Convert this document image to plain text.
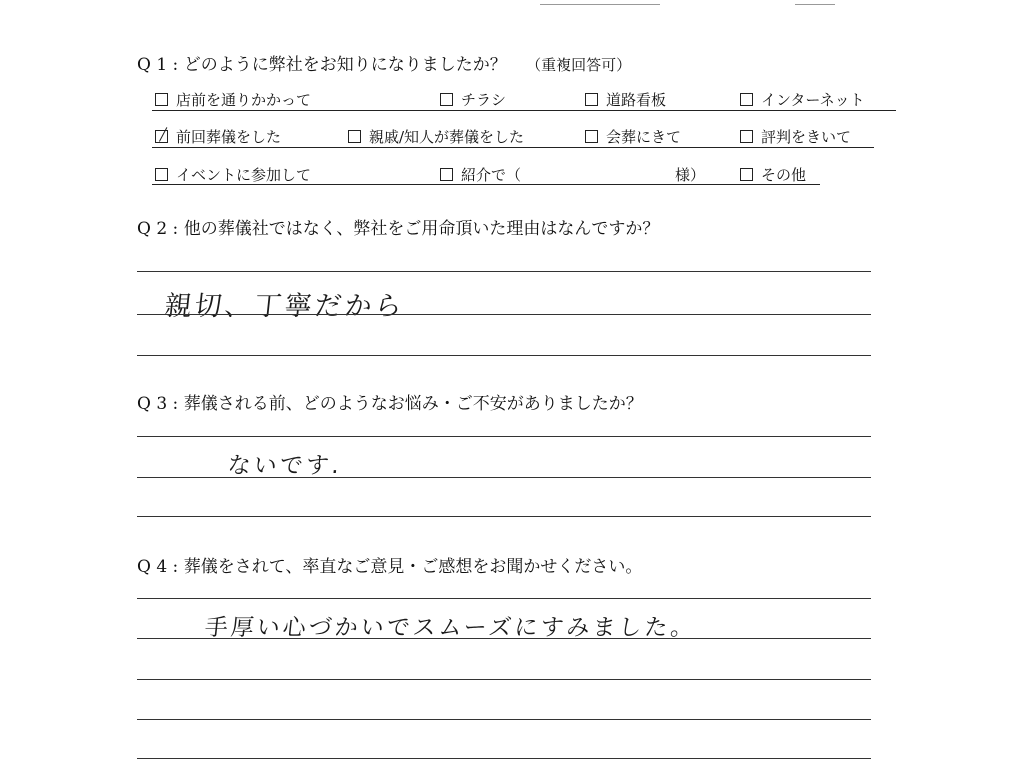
Q 1 : どのように弊社をお知りになりましたか？ （重複回答可）
店前を通りかかって	チラシ	道路看板	インターネット
前回葬儀をした	親戚/知人が葬儀をした	会葬にきて	評判をきいて
イベントに参加して	紹介で（	様）	その他
Q 2 : 他の葬儀社ではなく、弊社をご用命頂いた理由はなんですか？
親切、丁寧だから
Q 3 : 葬儀される前、どのようなお悩み・ご不安がありましたか？
ないです.
Q 4 : 葬儀をされて、率直なご意見・ご感想をお聞かせください。
手厚い心づかいでスムーズにすみました。
